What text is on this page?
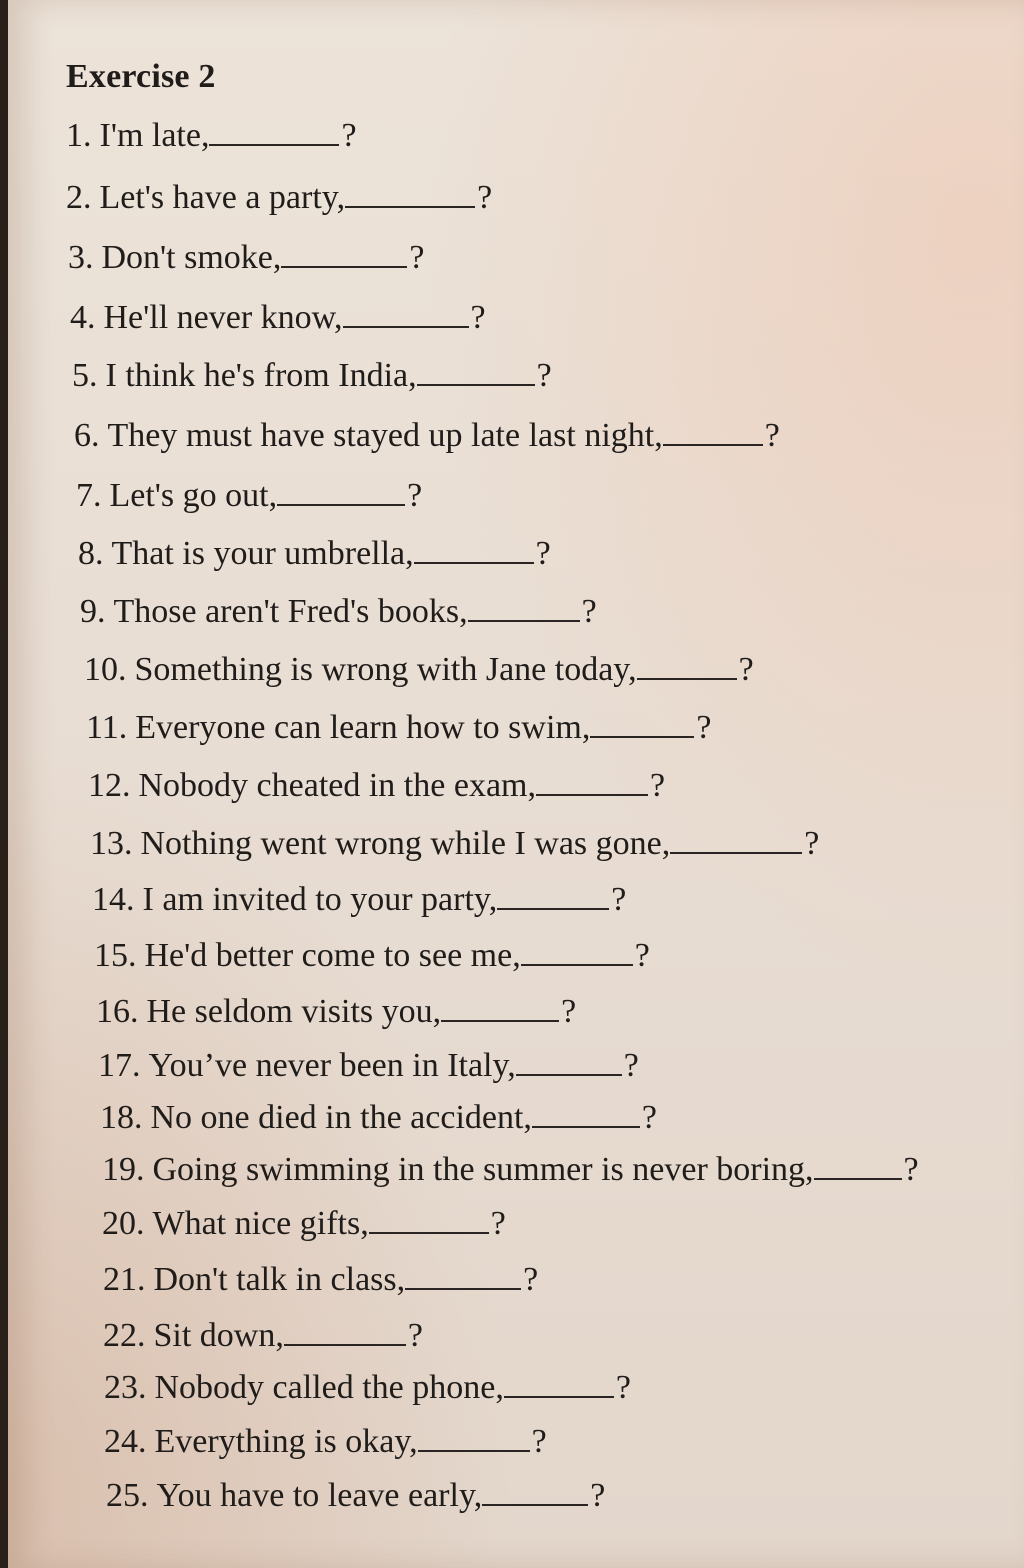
Exercise 2
1. I'm late,	?
2. Let's have a party,	?
3. Don't smoke,	?
4. He'll never know,	?
5. I think he's from India,	?
6. They must have stayed up late last night,	?
7. Let's go out,	?
8. That is your umbrella,	?
9. Those aren't Fred's books,	?
10. Something is wrong with Jane today,	?
11. Everyone can learn how to swim,	?
12. Nobody cheated in the exam,	?
13. Nothing went wrong while I was gone,	?
14. I am invited to your party,	?
15. He'd better come to see me,	?
16. He seldom visits you,	?
17. You’ve never been in Italy,	?
18. No one died in the accident,	?
19. Going swimming in the summer is never boring,	?
20. What nice gifts,	?
21. Don't talk in class,	?
22. Sit down,	?
23. Nobody called the phone,	?
24. Everything is okay,	?
25. You have to leave early,	?
